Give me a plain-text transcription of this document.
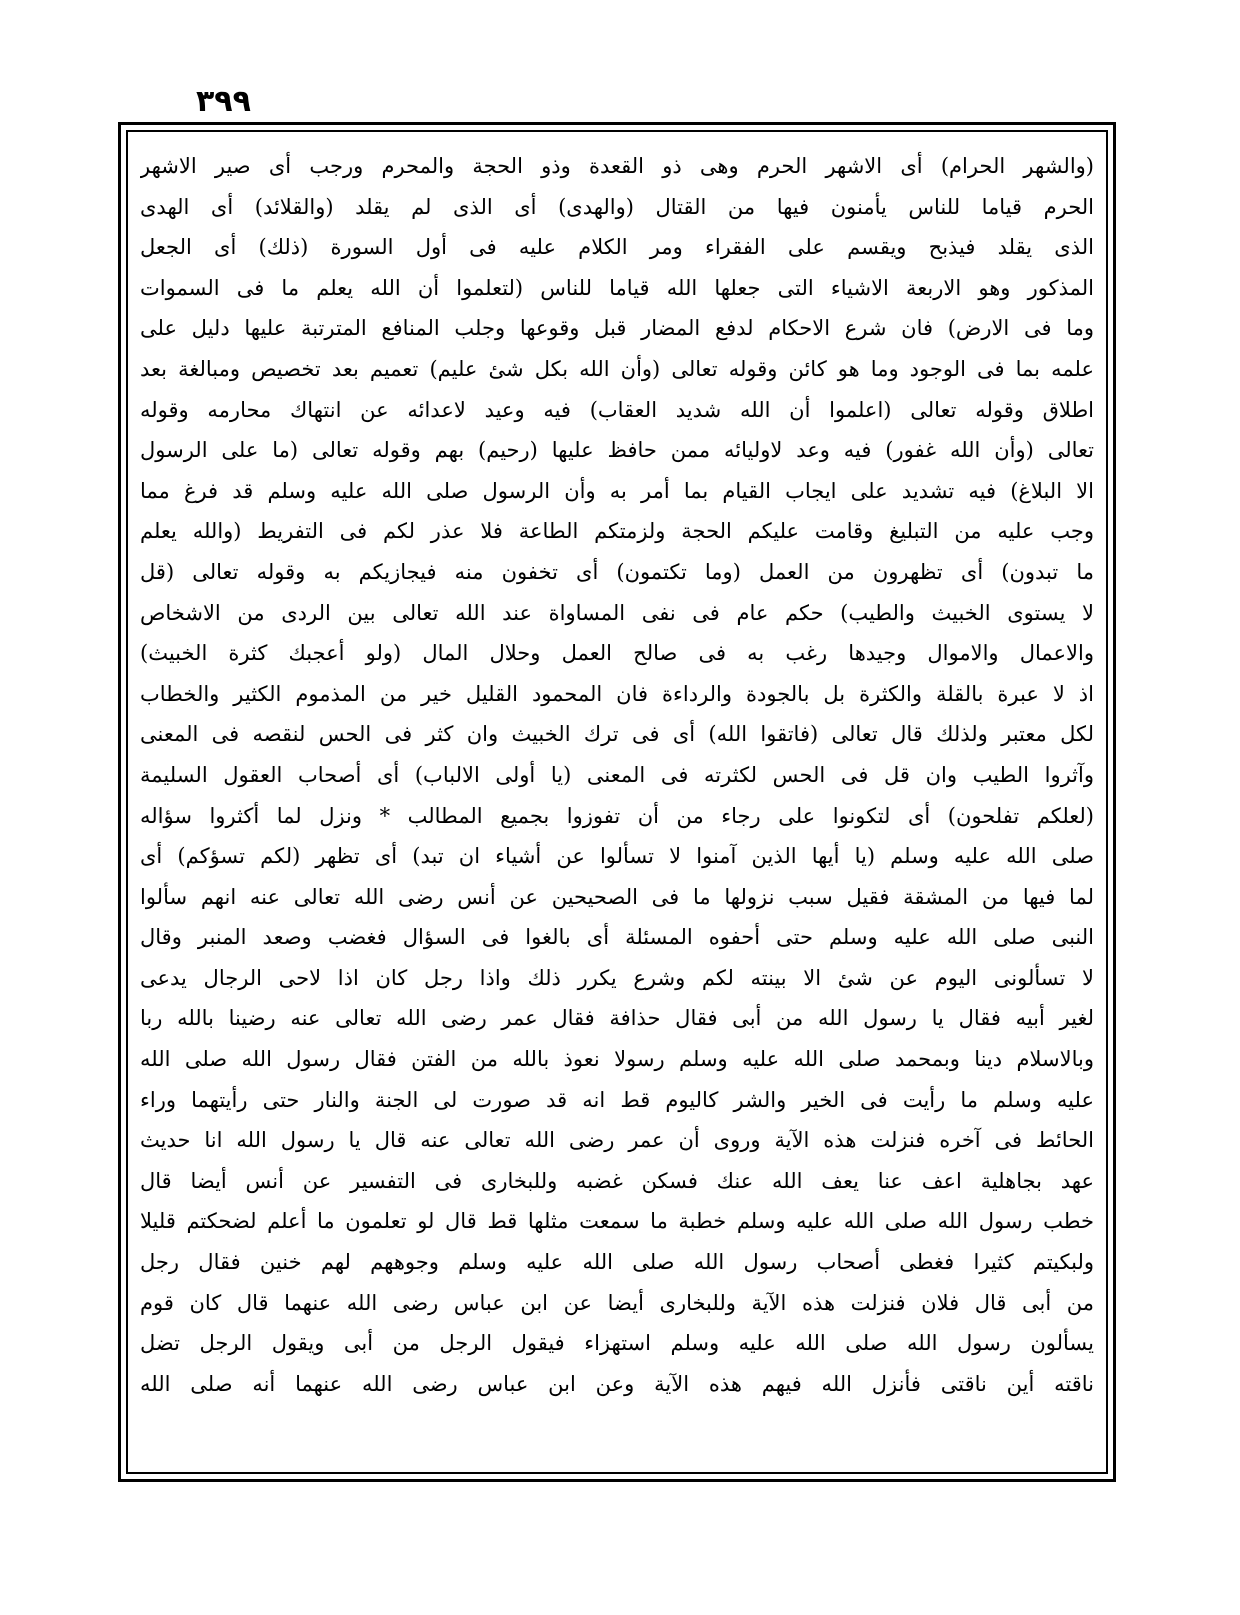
٣٩٩
(والشهر الحرام) أى الاشهر الحرم وهى ذو القعدة وذو الحجة والمحرم ورجب أى صير الاشهر
الحرم قياما للناس يأمنون فيها من القتال (والهدى) أى الذى لم يقلد (والقلائد) أى الهدى
الذى يقلد فيذبح ويقسم على الفقراء ومر الكلام عليه فى أول السورة (ذلك) أى الجعل
المذكور وهو الاربعة الاشياء التى جعلها الله قياما للناس (لتعلموا أن الله يعلم ما فى السموات
وما فى الارض) فان شرع الاحكام لدفع المضار قبل وقوعها وجلب المنافع المترتبة عليها دليل على
علمه بما فى الوجود وما هو كائن وقوله تعالى (وأن الله بكل شئ عليم) تعميم بعد تخصيص ومبالغة بعد
اطلاق وقوله تعالى (اعلموا أن الله شديد العقاب) فيه وعيد لاعدائه عن انتهاك محارمه وقوله
تعالى (وأن الله غفور) فيه وعد لاوليائه ممن حافظ عليها (رحيم) بهم وقوله تعالى (ما على الرسول
الا البلاغ) فيه تشديد على ايجاب القيام بما أمر به وأن الرسول صلى الله عليه وسلم قد فرغ مما
وجب عليه من التبليغ وقامت عليكم الحجة ولزمتكم الطاعة فلا عذر لكم فى التفريط (والله يعلم
ما تبدون) أى تظهرون من العمل (وما تكتمون) أى تخفون منه فيجازيكم به وقوله تعالى (قل
لا يستوى الخبيث والطيب) حكم عام فى نفى المساواة عند الله تعالى بين الردى من الاشخاص
والاعمال والاموال وجيدها رغب به فى صالح العمل وحلال المال (ولو أعجبك كثرة الخبيث)
اذ لا عبرة بالقلة والكثرة بل بالجودة والرداءة فان المحمود القليل خير من المذموم الكثير والخطاب
لكل معتبر ولذلك قال تعالى (فاتقوا الله) أى فى ترك الخبيث وان كثر فى الحس لنقصه فى المعنى
وآثروا الطيب وان قل فى الحس لكثرته فى المعنى (يا أولى الالباب) أى أصحاب العقول السليمة
(لعلكم تفلحون) أى لتكونوا على رجاء من أن تفوزوا بجميع المطالب * ونزل لما أكثروا سؤاله
صلى الله عليه وسلم (يا أيها الذين آمنوا لا تسألوا عن أشياء ان تبد) أى تظهر (لكم تسؤكم) أى
لما فيها من المشقة فقيل سبب نزولها ما فى الصحيحين عن أنس رضى الله تعالى عنه انهم سألوا
النبى صلى الله عليه وسلم حتى أحفوه المسئلة أى بالغوا فى السؤال فغضب وصعد المنبر وقال
لا تسألونى اليوم عن شئ الا بينته لكم وشرع يكرر ذلك واذا رجل كان اذا لاحى الرجال يدعى
لغير أبيه فقال يا رسول الله من أبى فقال حذافة فقال عمر رضى الله تعالى عنه رضينا بالله ربا
وبالاسلام دينا وبمحمد صلى الله عليه وسلم رسولا نعوذ بالله من الفتن فقال رسول الله صلى الله
عليه وسلم ما رأيت فى الخير والشر كاليوم قط انه قد صورت لى الجنة والنار حتى رأيتهما وراء
الحائط فى آخره فنزلت هذه الآية وروى أن عمر رضى الله تعالى عنه قال يا رسول الله انا حديث
عهد بجاهلية اعف عنا يعف الله عنك فسكن غضبه وللبخارى فى التفسير عن أنس أيضا قال
خطب رسول الله صلى الله عليه وسلم خطبة ما سمعت مثلها قط قال لو تعلمون ما أعلم لضحكتم قليلا
ولبكيتم كثيرا فغطى أصحاب رسول الله صلى الله عليه وسلم وجوههم لهم خنين فقال رجل
من أبى قال فلان فنزلت هذه الآية وللبخارى أيضا عن ابن عباس رضى الله عنهما قال كان قوم
يسألون رسول الله صلى الله عليه وسلم استهزاء فيقول الرجل من أبى ويقول الرجل تضل
ناقته أين ناقتى فأنزل الله فيهم هذه الآية وعن ابن عباس رضى الله عنهما أنه صلى الله
